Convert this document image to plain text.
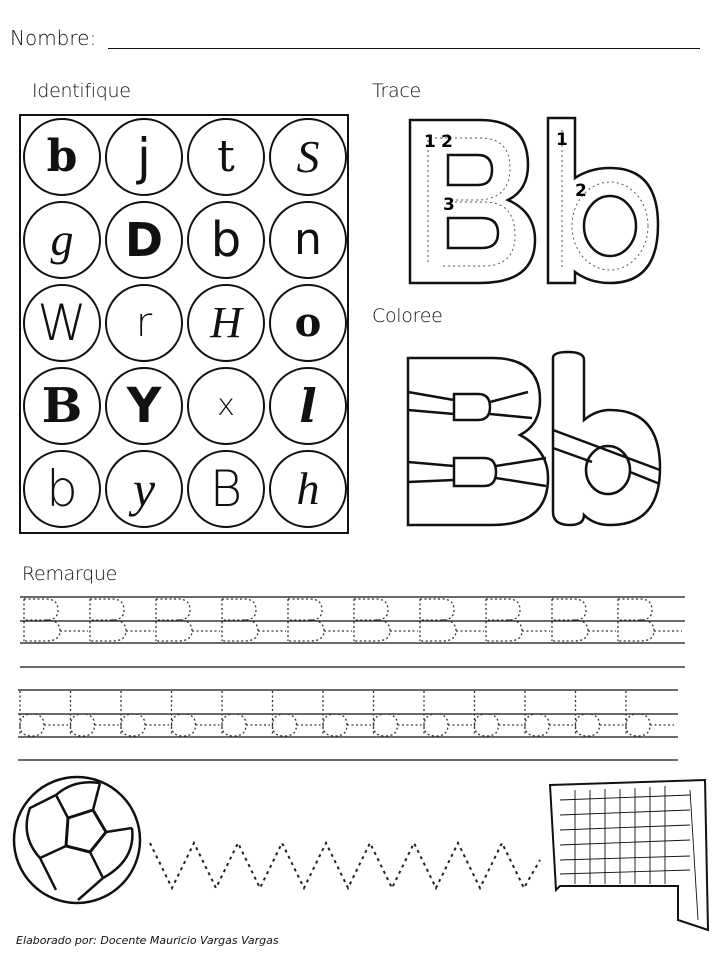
Nombre:
Identifique	Trace
Coloree
Remarque
b j t S
g D b n
W r H o
B Y x l
b y B h
1 2
3
1
2
Elaborado por: Docente Mauricio Vargas Vargas
